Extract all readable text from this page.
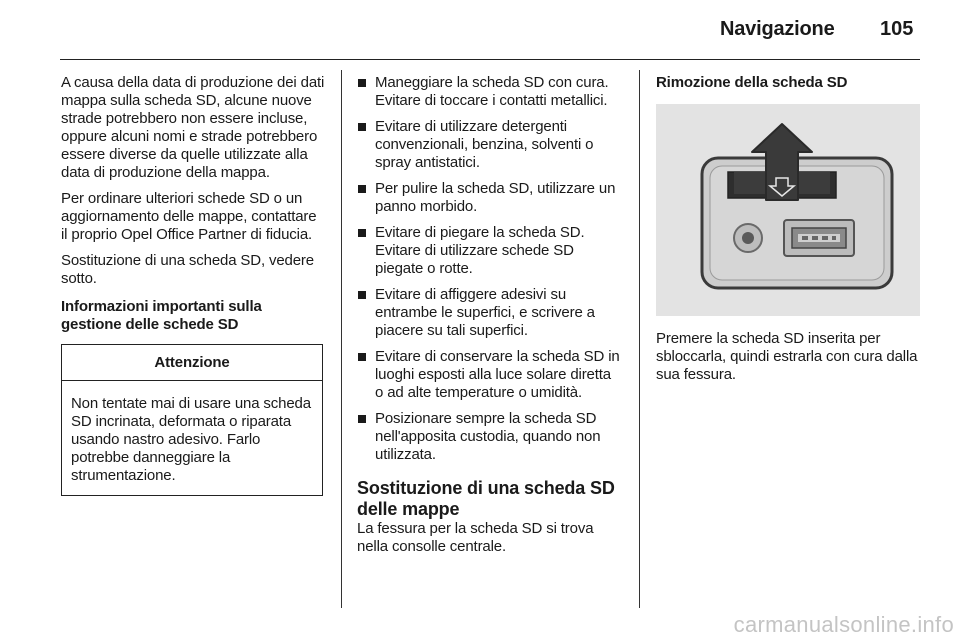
Navigazione 105

A causa della data di produzione dei dati mappa sulla scheda SD, alcune nuove strade potrebbero non essere incluse, oppure alcuni nomi e strade potrebbero essere diverse da quelle utilizzate alla data di produzione della mappa.

Per ordinare ulteriori schede SD o un aggiornamento delle mappe, contattare il proprio Opel Office Partner di fiducia.

Sostituzione di una scheda SD, vedere sotto.

Informazioni importanti sulla gestione delle schede SD

Attenzione
Non tentate mai di usare una scheda SD incrinata, deformata o riparata usando nastro adesivo. Farlo potrebbe danneggiare la strumentazione.
Maneggiare la scheda SD con cura. Evitare di toccare i contatti metallici.
Evitare di utilizzare detergenti convenzionali, benzina, solventi o spray antistatici.
Per pulire la scheda SD, utilizzare un panno morbido.
Evitare di piegare la scheda SD. Evitare di utilizzare schede SD piegate o rotte.
Evitare di affiggere adesivi su entrambe le superfici, e scrivere a piacere su tali superfici.
Evitare di conservare la scheda SD in luoghi esposti alla luce solare diretta o ad alte temperature o umidità.
Posizionare sempre la scheda SD nell'apposita custodia, quando non utilizzata.
Sostituzione di una scheda SD delle mappe

La fessura per la scheda SD si trova nella consolle centrale.

Rimozione della scheda SD

Premere la scheda SD inserita per sbloccarla, quindi estrarla con cura dalla sua fessura.

carmanualsonline.info
